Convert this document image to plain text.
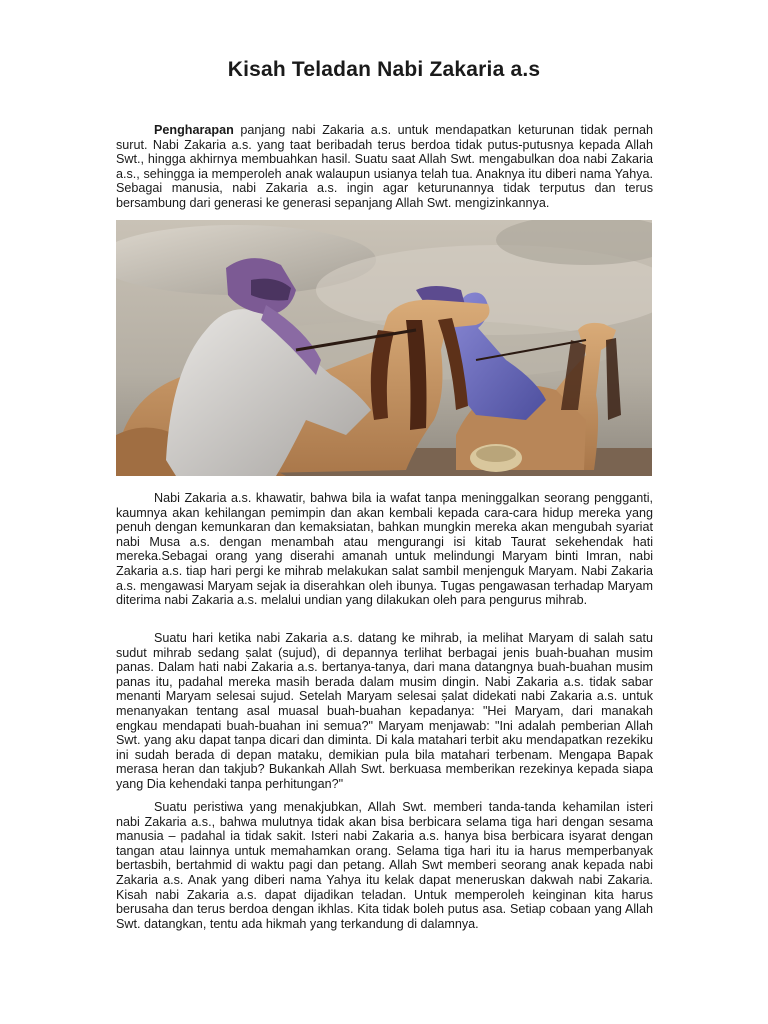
Kisah Teladan Nabi Zakaria a.s

Pengharapan panjang nabi Zakaria a.s. untuk mendapatkan keturunan tidak pernah surut. Nabi Zakaria a.s. yang taat beribadah terus berdoa tidak putus-putusnya kepada Allah Swt., hingga akhirnya membuahkan hasil. Suatu saat Allah Swt. mengabulkan doa nabi Zakaria a.s., sehingga ia memperoleh anak walaupun usianya telah tua. Anaknya itu diberi nama Yahya. Sebagai manusia, nabi Zakaria a.s. ingin agar keturunannya tidak terputus dan terus bersambung dari generasi ke generasi sepanjang Allah Swt. mengizinkannya.

Nabi Zakaria a.s. khawatir, bahwa bila ia wafat tanpa meninggalkan seorang pengganti, kaumnya akan kehilangan pemimpin dan akan kembali kepada cara-cara hidup mereka yang penuh dengan kemunkaran dan kemaksiatan, bahkan mungkin mereka akan mengubah syariat nabi Musa a.s. dengan menambah atau mengurangi isi kitab Taurat sekehendak hati mereka.Sebagai orang yang diserahi amanah untuk melindungi Maryam binti Imran, nabi Zakaria a.s. tiap hari pergi ke mihrab melakukan salat sambil menjenguk Maryam. Nabi Zakaria a.s. mengawasi Maryam sejak ia diserahkan oleh ibunya. Tugas pengawasan terhadap Maryam diterima nabi Zakaria a.s. melalui undian yang dilakukan oleh para pengurus mihrab.

Suatu hari ketika nabi Zakaria a.s. datang ke mihrab, ia melihat Maryam di salah satu sudut mihrab sedang ṣalat (sujud), di depannya terlihat berbagai jenis buah-buahan musim panas. Dalam hati nabi Zakaria a.s. bertanya-tanya, dari mana datangnya buah-buahan musim panas itu, padahal mereka masih berada dalam musim dingin. Nabi Zakaria a.s. tidak sabar menanti Maryam selesai sujud. Setelah Maryam selesai ṣalat didekati nabi Zakaria a.s. untuk menanyakan tentang asal muasal buah-buahan kepadanya: "Hei Maryam, dari manakah engkau mendapati buah-buahan ini semua?" Maryam menjawab: "Ini adalah pemberian Allah Swt. yang aku dapat tanpa dicari dan diminta. Di kala matahari terbit aku mendapatkan rezekiku ini sudah berada di depan mataku, demikian pula bila matahari terbenam. Mengapa Bapak merasa heran dan takjub? Bukankah Allah Swt. berkuasa memberikan rezekinya kepada siapa yang Dia kehendaki tanpa perhitungan?"

Suatu peristiwa yang menakjubkan, Allah Swt. memberi tanda-tanda kehamilan isteri nabi Zakaria a.s., bahwa mulutnya tidak akan bisa berbicara selama tiga hari dengan sesama manusia – padahal ia tidak sakit. Isteri nabi Zakaria a.s. hanya bisa berbicara isyarat dengan tangan atau lainnya untuk memahamkan orang. Selama tiga hari itu ia harus memperbanyak bertasbih, bertahmid di waktu pagi dan petang. Allah Swt memberi seorang anak kepada nabi Zakaria a.s. Anak yang diberi nama Yahya itu kelak dapat meneruskan dakwah nabi Zakaria. Kisah nabi Zakaria a.s. dapat dijadikan teladan. Untuk memperoleh keinginan kita harus berusaha dan terus berdoa dengan ikhlas. Kita tidak boleh putus asa. Setiap cobaan yang Allah Swt. datangkan, tentu ada hikmah yang terkandung di dalamnya.
